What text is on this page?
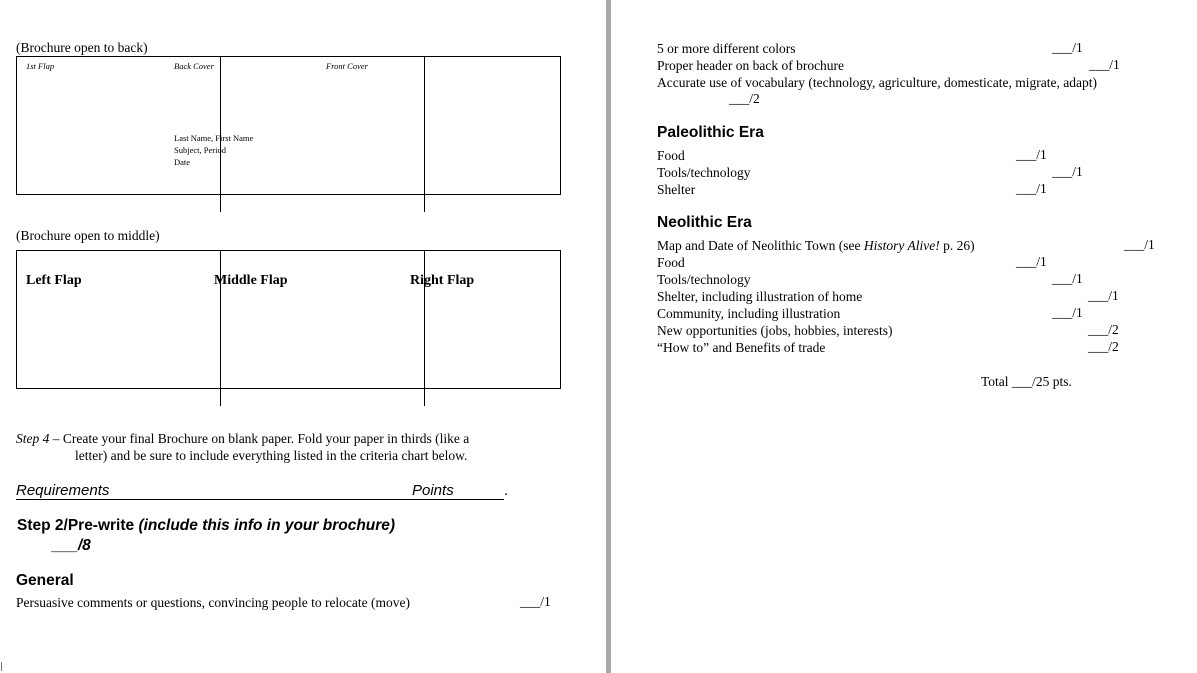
(Brochure open to back)
1st Flap	Back Cover	Front Cover
Last Name, First Name
Subject, Period
Date
(Brochure open to middle)
Left Flap	Middle Flap	Right Flap
Step 4 – Create your final Brochure on blank paper. Fold your paper in thirds (like a
letter) and be sure to include everything listed in the criteria chart below.
Requirements	Points	.
Step 2/Pre-write (include this info in your brochure)
___/8
General
Persuasive comments or questions, convincing people to relocate (move)	___/1
5 or more different colors	___/1
Proper header on back of brochure	___/1
Accurate use of vocabulary (technology, agriculture, domesticate, migrate, adapt)
___/2
Paleolithic Era
Food	___/1
Tools/technology	___/1
Shelter	___/1
Neolithic Era
Map and Date of Neolithic Town (see History Alive! p. 26)	___/1
Food	___/1
Tools/technology	___/1
Shelter, including illustration of home	___/1
Community, including illustration	___/1
New opportunities (jobs, hobbies, interests)	___/2
“How to” and Benefits of trade	___/2
Total ___/25 pts.
